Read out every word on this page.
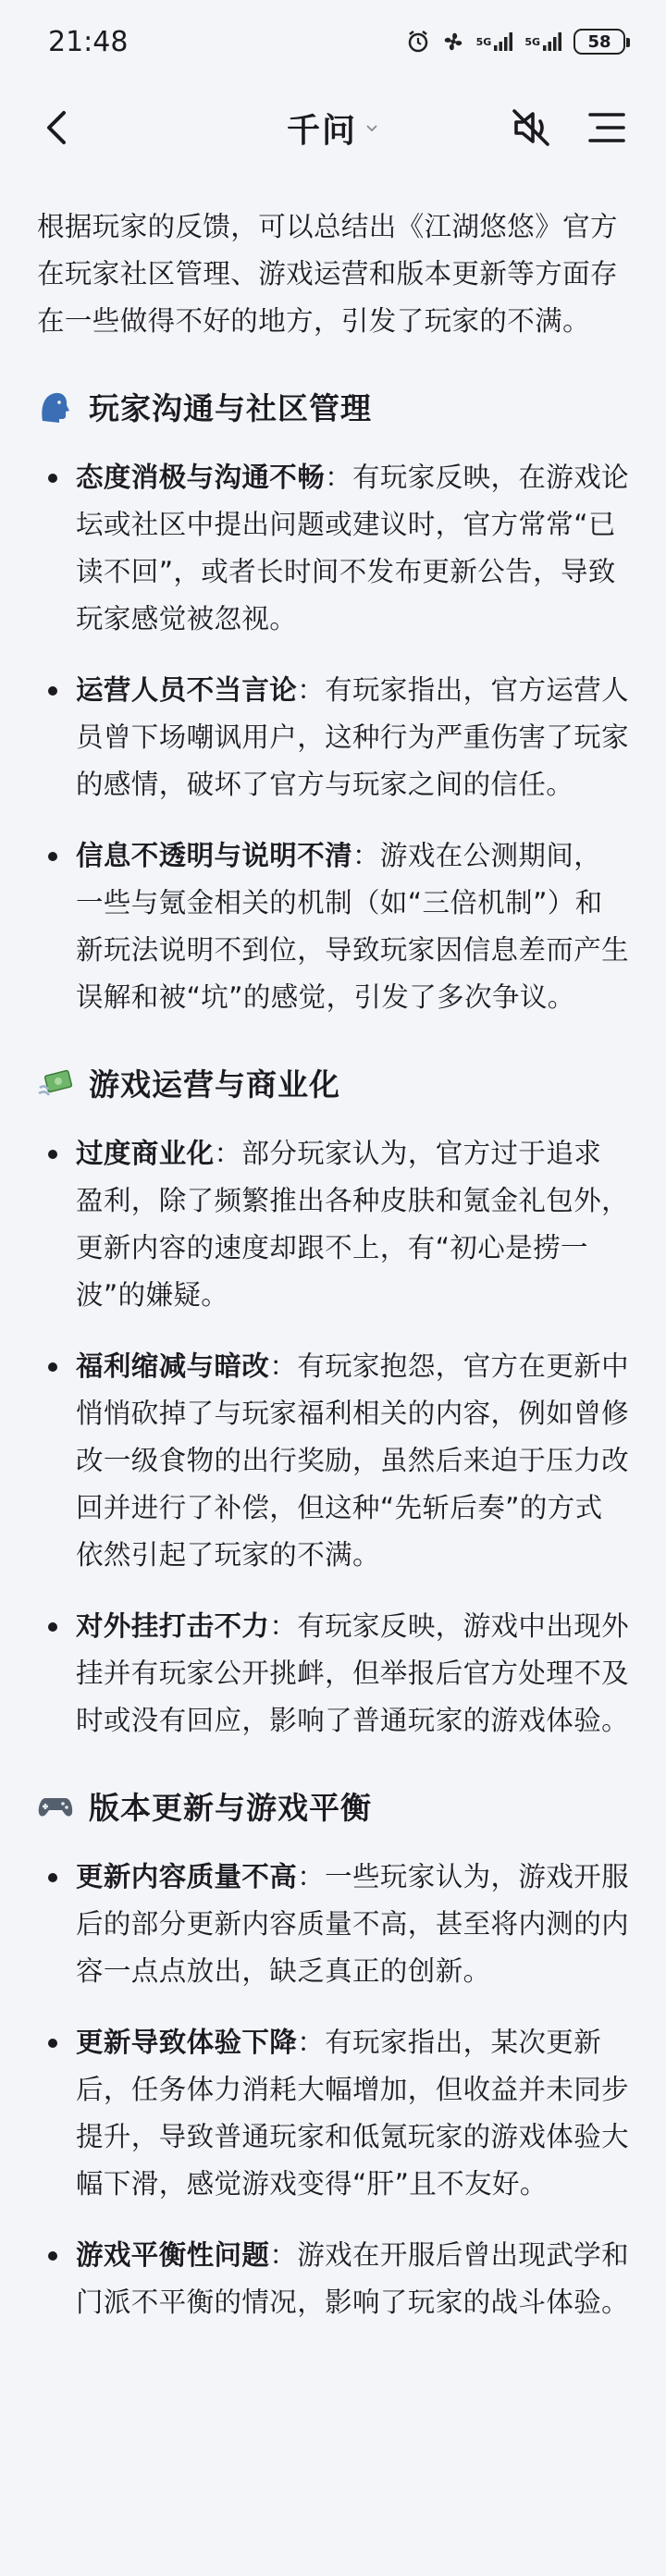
21:48	5G	5G	58
千问

根据玩家的反馈，可以总结出《江湖悠悠》官方在玩家社区管理、游戏运营和版本更新等方面存在一些做得不好的地方，引发了玩家的不满。

玩家沟通与社区管理
态度消极与沟通不畅：有玩家反映，在游戏论坛或社区中提出问题或建议时，官方常常“已读不回”，或者长时间不发布更新公告，导致玩家感觉被忽视。
运营人员不当言论：有玩家指出，官方运营人员曾下场嘲讽用户，这种行为严重伤害了玩家的感情，破坏了官方与玩家之间的信任。
信息不透明与说明不清：游戏在公测期间，一些与氪金相关的机制（如“三倍机制”）和新玩法说明不到位，导致玩家因信息差而产生误解和被“坑”的感觉，引发了多次争议。
游戏运营与商业化
过度商业化：部分玩家认为，官方过于追求盈利，除了频繁推出各种皮肤和氪金礼包外，更新内容的速度却跟不上，有“初心是捞一波”的嫌疑。
福利缩减与暗改：有玩家抱怨，官方在更新中悄悄砍掉了与玩家福利相关的内容，例如曾修改一级食物的出行奖励，虽然后来迫于压力改回并进行了补偿，但这种“先斩后奏”的方式依然引起了玩家的不满。
对外挂打击不力：有玩家反映，游戏中出现外挂并有玩家公开挑衅，但举报后官方处理不及时或没有回应，影响了普通玩家的游戏体验。
版本更新与游戏平衡
更新内容质量不高：一些玩家认为，游戏开服后的部分更新内容质量不高，甚至将内测的内容一点点放出，缺乏真正的创新。
更新导致体验下降：有玩家指出，某次更新后，任务体力消耗大幅增加，但收益并未同步提升，导致普通玩家和低氪玩家的游戏体验大幅下滑，感觉游戏变得“肝”且不友好。
游戏平衡性问题：游戏在开服后曾出现武学和门派不平衡的情况，影响了玩家的战斗体验。
